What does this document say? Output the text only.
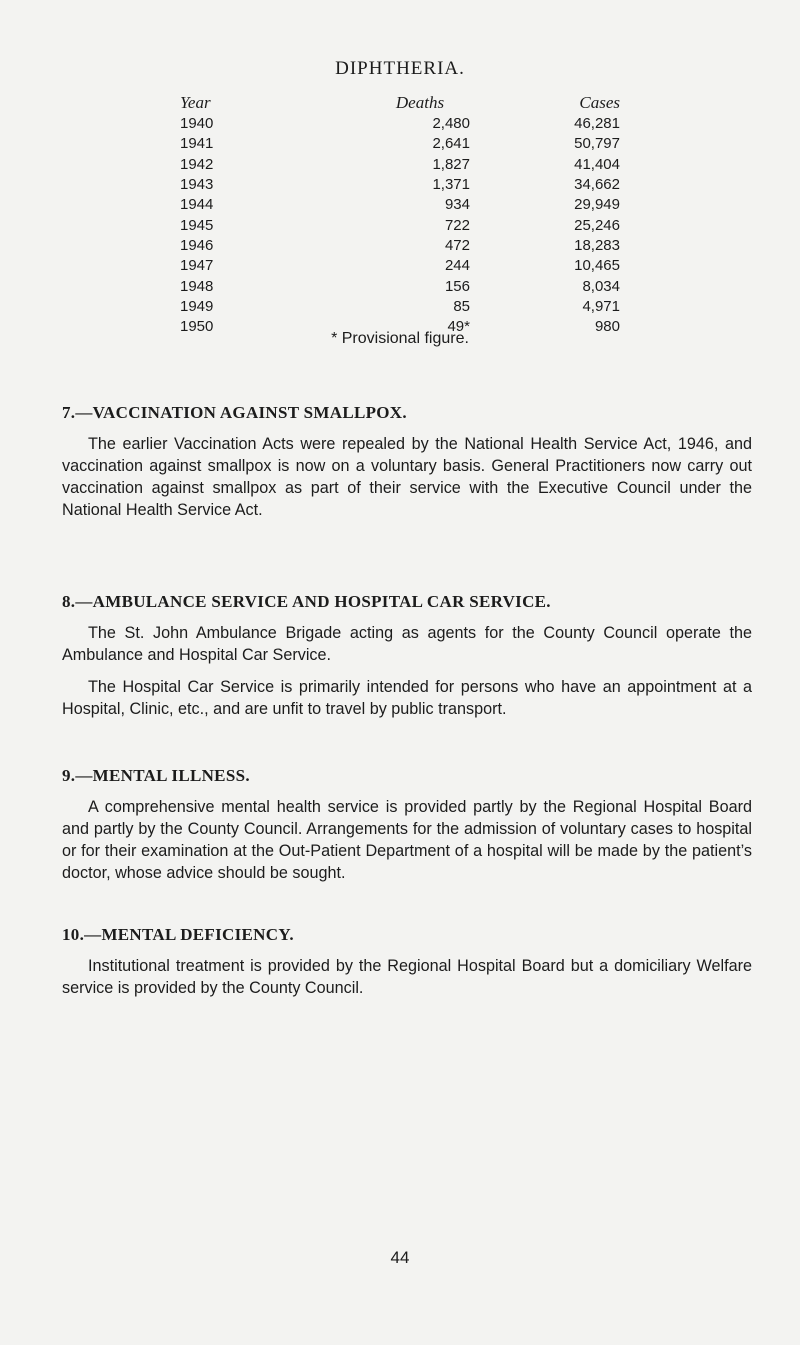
DIPHTHERIA.
Year	Deaths	Cases
1940	2,480	46,281
1941	2,641	50,797
1942	1,827	41,404
1943	1,371	34,662
1944	934	29,949
1945	722	25,246
1946	472	18,283
1947	244	10,465
1948	156	8,034
1949	85	4,971
1950	49*	980
* Provisional figure.
7.—VACCINATION AGAINST SMALLPOX.

The earlier Vaccination Acts were repealed by the National Health Service Act, 1946, and vaccination against smallpox is now on a voluntary basis. General Practitioners now carry out vaccination against smallpox as part of their service with the Executive Council under the National Health Service Act.

8.—AMBULANCE SERVICE AND HOSPITAL CAR SERVICE.

The St. John Ambulance Brigade acting as agents for the County Council operate the Ambulance and Hospital Car Service.

The Hospital Car Service is primarily intended for persons who have an appointment at a Hospital, Clinic, etc., and are unfit to travel by public transport.

9.—MENTAL ILLNESS.

A comprehensive mental health service is provided partly by the Regional Hospital Board and partly by the County Council. Arrangements for the admission of voluntary cases to hospital or for their examination at the Out-Patient Department of a hospital will be made by the patient’s doctor, whose advice should be sought.

10.—MENTAL DEFICIENCY.

Institutional treatment is provided by the Regional Hospital Board but a domiciliary Welfare service is provided by the County Council.

44
